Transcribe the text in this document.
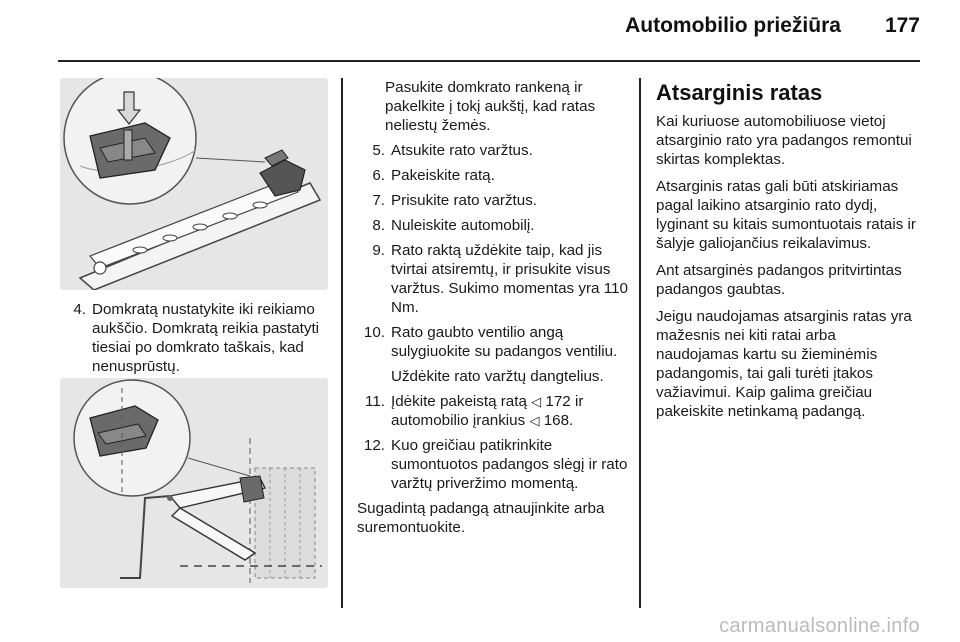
Automobilio priežiūra 177
4. Domkratą nustatykite iki reikiamo aukščio. Domkratą reikia pastatyti tiesiai po domkrato taškais, kad nenusprūstų.
Pasukite domkrato rankeną ir pakelkite į tokį aukštį, kad ratas neliestų žemės.
5. Atsukite rato varžtus.
6. Pakeiskite ratą.
7. Prisukite rato varžtus.
8. Nuleiskite automobilį.
9. Rato raktą uždėkite taip, kad jis tvirtai atsiremtų, ir prisukite visus varžtus. Sukimo momentas yra 110 Nm.
10. Rato gaubto ventilio angą sulygiuokite su padangos ventiliu.
Uždėkite rato varžtų dangtelius.
11. Įdėkite pakeistą ratą ◁ 172 ir automobilio įrankius ◁ 168.
12. Kuo greičiau patikrinkite sumontuotos padangos slėgį ir rato varžtų priveržimo momentą.
Sugadintą padangą atnaujinkite arba suremontuokite.
Atsarginis ratas
Kai kuriuose automobiliuose vietoj atsarginio rato yra padangos remontui skirtas komplektas.
Atsarginis ratas gali būti atskiriamas pagal laikino atsarginio rato dydį, lyginant su kitais sumontuotais ratais ir šalyje galiojančius reikalavimus.
Ant atsarginės padangos pritvirtintas padangos gaubtas.
Jeigu naudojamas atsarginis ratas yra mažesnis nei kiti ratai arba naudojamas kartu su žieminėmis padangomis, tai gali turėti įtakos važiavimui. Kaip galima greičiau pakeiskite netinkamą padangą.
carmanualsonline.info
